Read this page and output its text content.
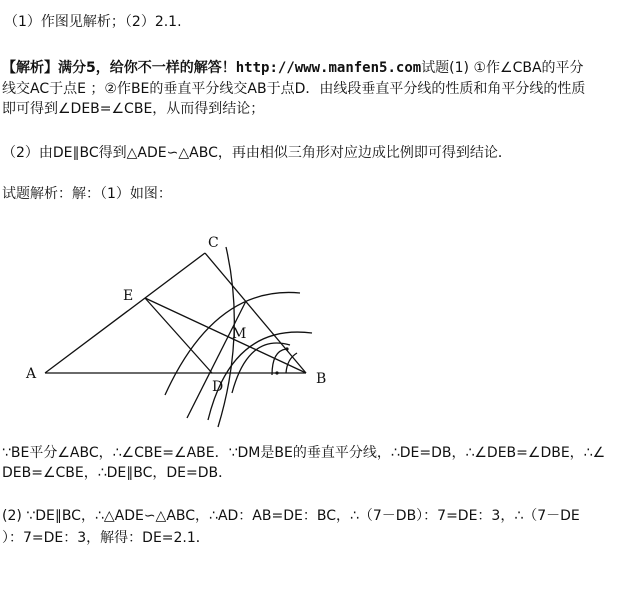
（1）作图见解析；（2）2.1.
【解析】满分5，给你不一样的解答！http://www.manfen5.com试题(1) ①作∠CBA的平分
线交AC于点E ；②作BE的垂直平分线交AB于点D．由线段垂直平分线的性质和角平分线的性质
即可得到∠DEB=∠CBE，从而得到结论；
（2）由DE∥BC得到△ADE∽△ABC，再由相似三角形对应边成比例即可得到结论．
试题解析：解：（1）如图：
C
E
M
A	B
D
∵BE平分∠ABC，∴∠CBE=∠ABE．∵DM是BE的垂直平分线，∴DE=DB，∴∠DEB=∠DBE，∴∠
DEB=∠CBE，∴DE∥BC，DE=DB．
(2) ∵DE∥BC，∴△ADE∽△ABC，∴AD：AB=DE：BC，∴（7－DB）：7=DE：3，∴（7－DE
）：7=DE：3，解得：DE=2.1．
